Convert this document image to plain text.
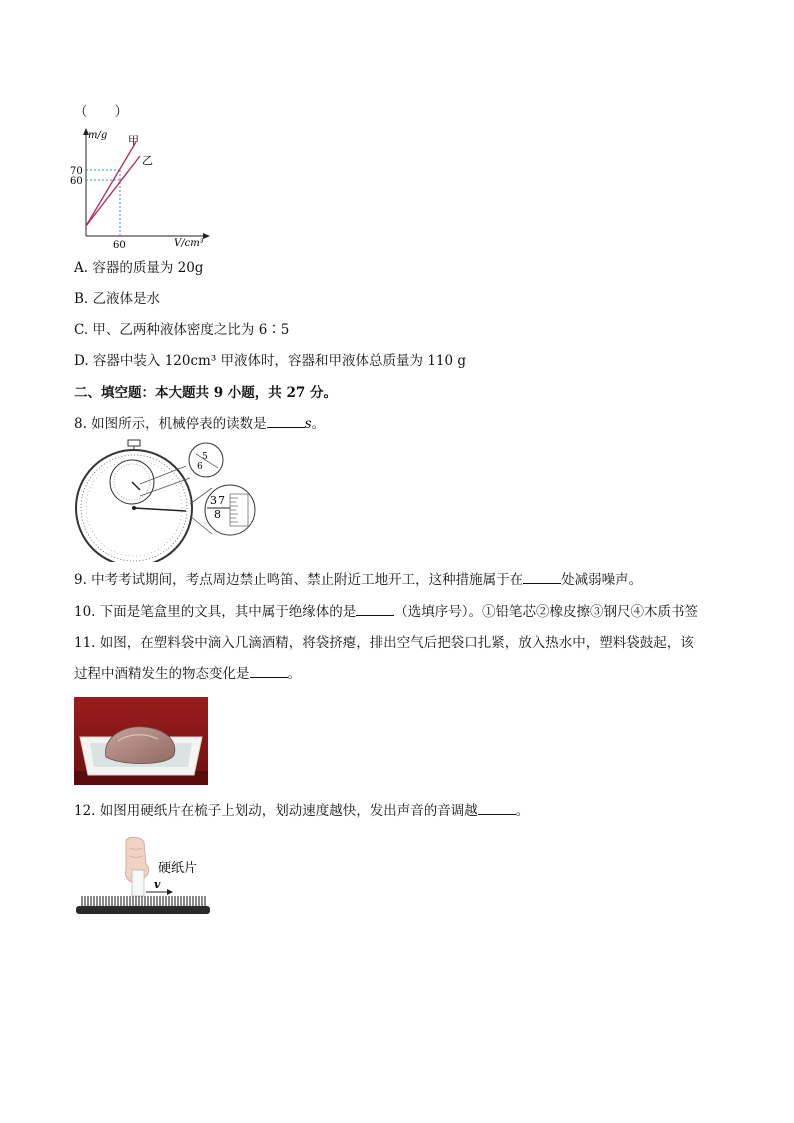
（　　）
m/g
70
60
60	V/cm³
甲
乙
A. 容器的质量为 20g
B. 乙液体是水
C. 甲、乙两种液体密度之比为 6∶5
D. 容器中装入 120cm³ 甲液体时，容器和甲液体总质量为 110 g
二、填空题：本大题共 9 小题，共 27 分。
8. 如图所示，机械停表的读数是	s。
5
6
3 7
8
9. 中考考试期间，考点周边禁止鸣笛、禁止附近工地开工，这种措施属于在	处减弱噪声。
10. 下面是笔盒里的文具，其中属于绝缘体的是	（选填序号）。①铅笔芯②橡皮擦③钢尺④木质书签
11. 如图，在塑料袋中滴入几滴酒精，将袋挤瘪，排出空气后把袋口扎紧，放入热水中，塑料袋鼓起，该
过程中酒精发生的物态变化是	。
12. 如图用硬纸片在梳子上划动，划动速度越快，发出声音的音调越	。
硬纸片
v
